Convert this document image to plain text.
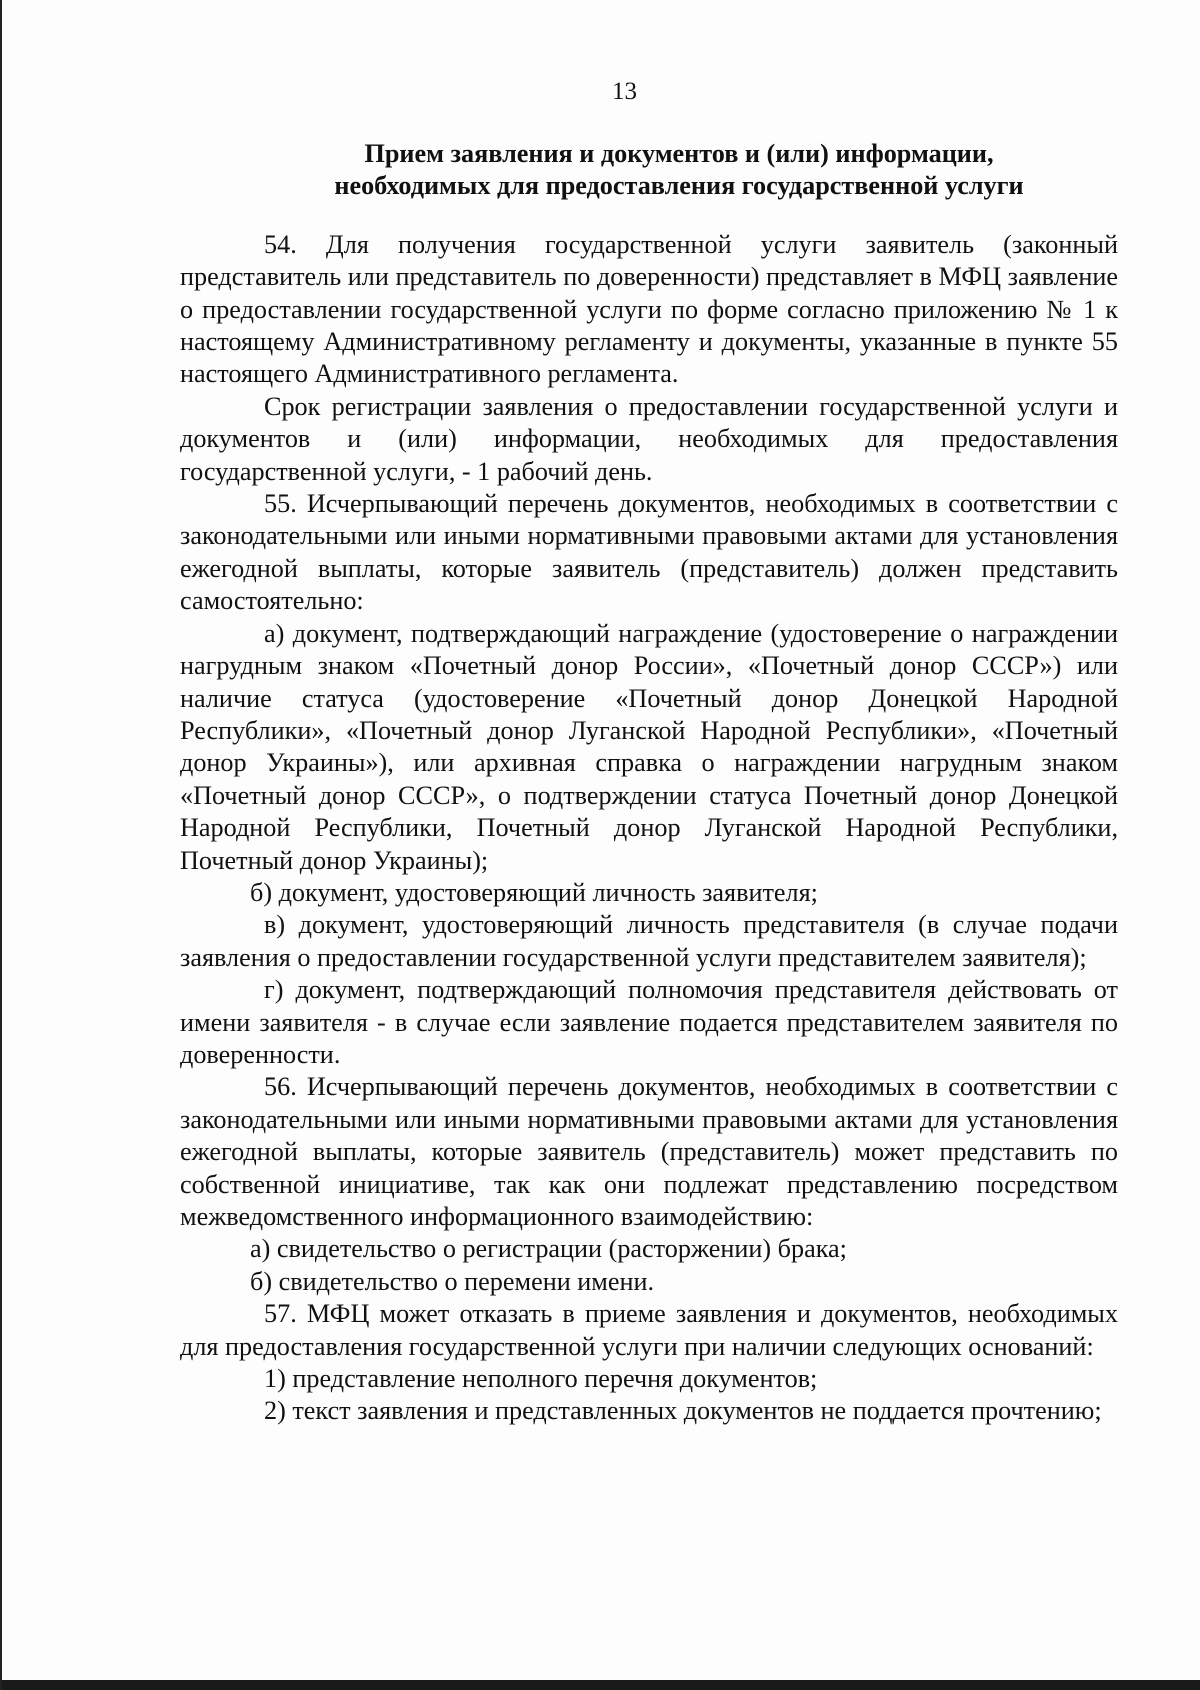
13
Прием заявления и документов и (или) информации,
необходимых для предоставления государственной услуги

54. Для получения государственной услуги заявитель (законный представитель или представитель по доверенности) представляет в МФЦ заявление о предоставлении государственной услуги по форме согласно приложению № 1 к настоящему Административному регламенту и документы, указанные в пункте 55 настоящего Административного регламента.

Срок регистрации заявления о предоставлении государственной услуги и документов и (или) информации, необходимых для предоставления государственной услуги, - 1 рабочий день.

55. Исчерпывающий перечень документов, необходимых в соответствии с законодательными или иными нормативными правовыми актами для установления ежегодной выплаты, которые заявитель (представитель) должен представить самостоятельно:

а) документ, подтверждающий награждение (удостоверение о награждении нагрудным знаком «Почетный донор России», «Почетный донор СССР») или наличие статуса (удостоверение «Почетный донор Донецкой Народной Республики», «Почетный донор Луганской Народной Республики», «Почетный донор Украины»), или архивная справка о награждении нагрудным знаком «Почетный донор СССР», о подтверждении статуса Почетный донор Донецкой Народной Республики, Почетный донор Луганской Народной Республики, Почетный донор Украины);

б) документ, удостоверяющий личность заявителя;

в) документ, удостоверяющий личность представителя (в случае подачи заявления о предоставлении государственной услуги представителем заявителя);

г) документ, подтверждающий полномочия представителя действовать от имени заявителя - в случае если заявление подается представителем заявителя по доверенности.

56. Исчерпывающий перечень документов, необходимых в соответствии с законодательными или иными нормативными правовыми актами для установления ежегодной выплаты, которые заявитель (представитель) может представить по собственной инициативе, так как они подлежат представлению посредством межведомственного информационного взаимодействию:

а) свидетельство о регистрации (расторжении) брака;

б) свидетельство о перемени имени.

57. МФЦ может отказать в приеме заявления и документов, необходимых для предоставления государственной услуги при наличии следующих оснований:

1) представление неполного перечня документов;

2) текст заявления и представленных документов не поддается прочтению;
